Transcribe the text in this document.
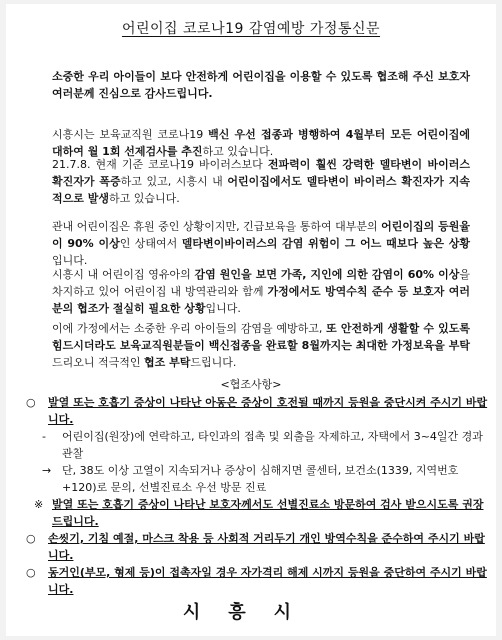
어린이집 코로나19 감염예방 가정통신문
소중한 우리 아이들이 보다 안전하게 어린이집을 이용할 수 있도록 협조해 주신 보호자 여러분께 진심으로 감사드립니다.
시흥시는 보육교직원 코로나19 백신 우선 접종과 병행하여 4월부터 모든 어린이집에 대하여 월 1회 선제검사를 추진하고 있습니다.
21.7.8. 현재 기준 코로나19 바이러스보다 전파력이 훨씬 강력한 델타변이 바이러스 확진자가 폭증하고 있고, 시흥시 내 어린이집에서도 델타변이 바이러스 확진자가 지속적으로 발생하고 있습니다.
관내 어린이집은 휴원 중인 상황이지만, 긴급보육을 통하여 대부분의 어린이집의 등원율이 90% 이상인 상태여서 델타변이바이러스의 감염 위험이 그 어느 때보다 높은 상황입니다.
시흥시 내 어린이집 영유아의 감염 원인을 보면 가족, 지인에 의한 감염이 60% 이상을 차지하고 있어 어린이집 내 방역관리와 함께 가정에서도 방역수칙 준수 등 보호자 여러분의 협조가 절실히 필요한 상황입니다.
이에 가정에서는 소중한 우리 아이들의 감염을 예방하고, 또 안전하게 생활할 수 있도록 힘드시더라도 보육교직원분들이 백신접종을 완료할 8월까지는 최대한 가정보육을 부탁드리오니 적극적인 협조 부탁드립니다.
<협조사항>
○ 발열 또는 호흡기 증상이 나타난 아동은 증상이 호전될 때까지 등원을 중단시켜 주시기 바랍니다.
- 어린이집(원장)에 연락하고, 타인과의 접촉 및 외출을 자제하고, 자택에서 3~4일간 경과 관찰
→ 단, 38도 이상 고열이 지속되거나 증상이 심해지면 콜센터, 보건소(1339, 지역번호+120)로 문의, 선별진료소 우선 방문 진료
※ 발열 또는 호흡기 증상이 나타난 보호자께서도 선별진료소 방문하여 검사 받으시도록 권장드립니다.
○ 손씻기, 기침 예절, 마스크 착용 등 사회적 거리두기 개인 방역수칙을 준수하여 주시기 바랍니다.
○ 동거인(부모, 형제 등)이 접촉자일 경우 자가격리 해제 시까지 등원을 중단하여 주시기 바랍니다.
시흥시
